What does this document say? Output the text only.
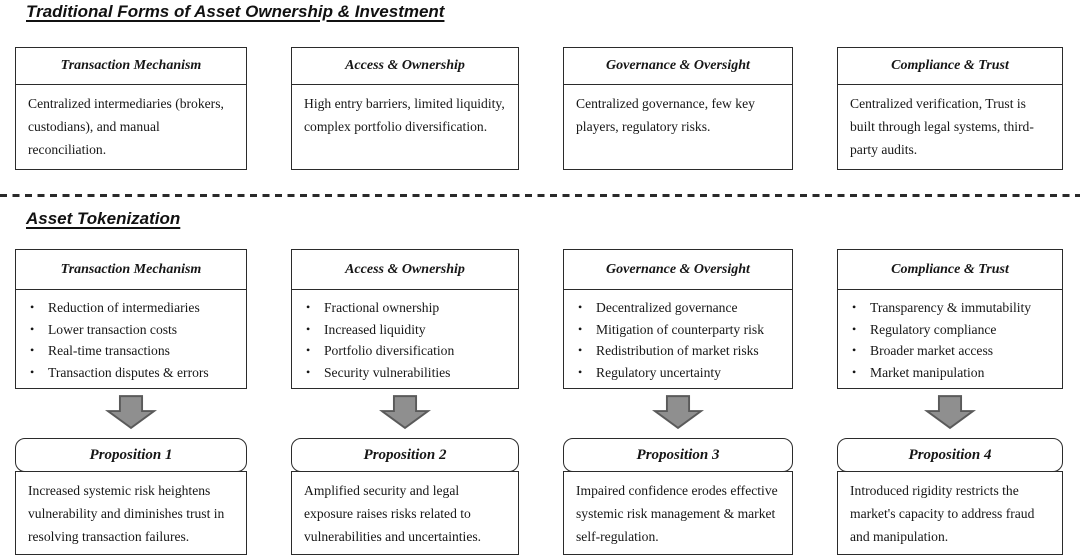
Traditional Forms of Asset Ownership & Investment
Transaction Mechanism
Centralized intermediaries (brokers, custodians), and manual reconciliation.
Access & Ownership
High entry barriers, limited liquidity, complex portfolio diversification.
Governance & Oversight
Centralized governance, few key players, regulatory risks.
Compliance & Trust
Centralized verification, Trust is built through legal systems, third-party audits.
Asset Tokenization
Transaction Mechanism
•	Reduction of intermediaries
•	Lower transaction costs
•	Real-time transactions
•	Transaction disputes & errors
Access & Ownership
•	Fractional ownership
•	Increased liquidity
•	Portfolio diversification
•	Security vulnerabilities
Governance & Oversight
•	Decentralized governance
•	Mitigation of counterparty risk
•	Redistribution of market risks
•	Regulatory uncertainty
Compliance & Trust
•	Transparency & immutability
•	Regulatory compliance
•	Broader market access
•	Market manipulation
Proposition 1
Increased systemic risk heightens vulnerability and diminishes trust in resolving transaction failures.
Proposition 2
Amplified security and legal exposure raises risks related to vulnerabilities and uncertainties.
Proposition 3
Impaired confidence erodes effective systemic risk management & market self-regulation.
Proposition 4
Introduced rigidity restricts the market's capacity to address fraud and manipulation.
